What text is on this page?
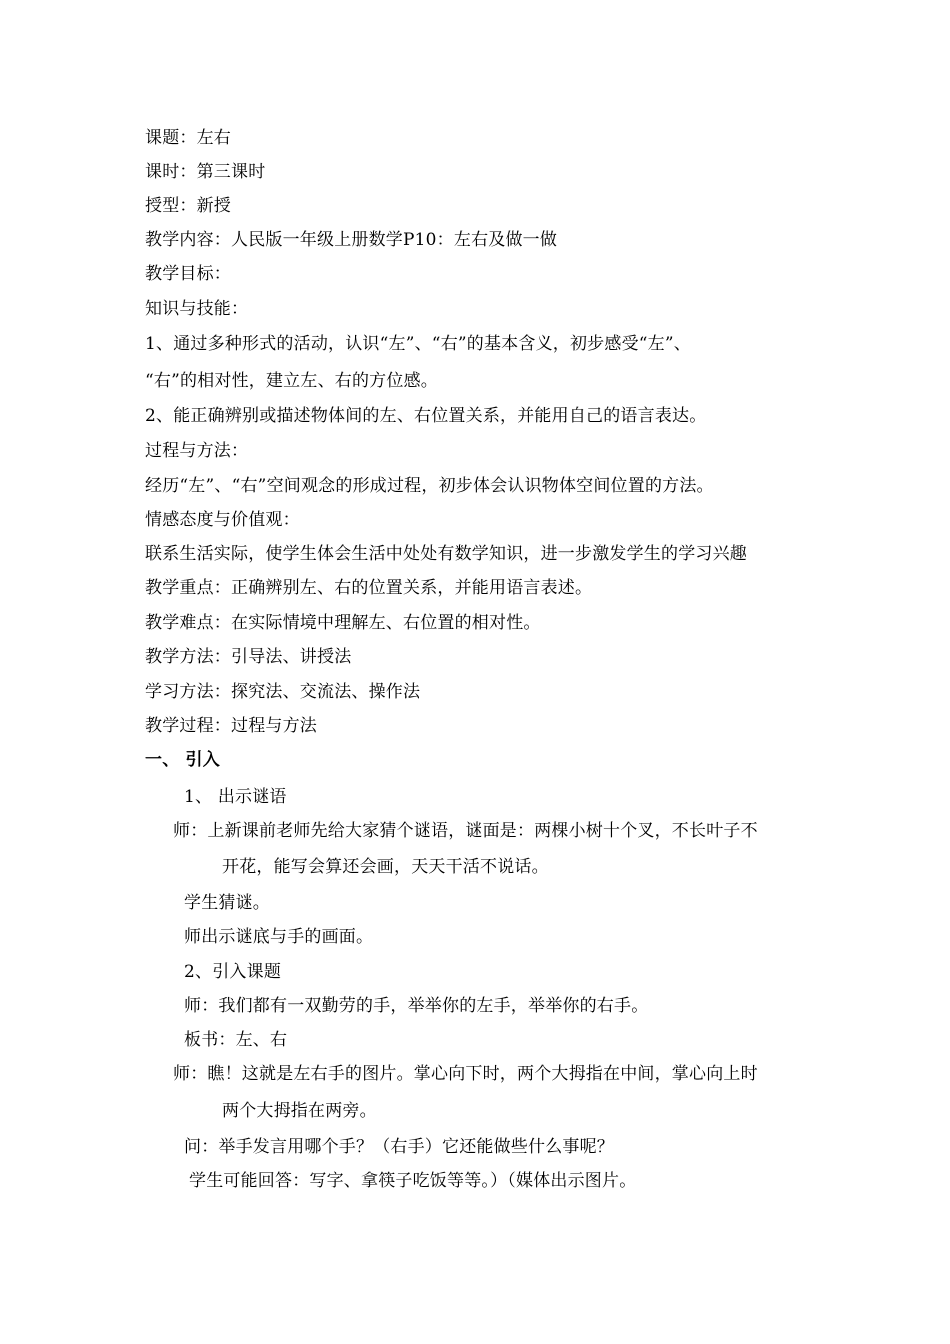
课题：左右
课时：第三课时
授型：新授
教学内容：人民版一年级上册数学P10：左右及做一做
教学目标：
知识与技能：
1、通过多种形式的活动，认识“左”、“右”的基本含义，初步感受“左”、
“右”的相对性，建立左、右的方位感。
2、能正确辨别或描述物体间的左、右位置关系，并能用自己的语言表达。
过程与方法：
经历“左”、“右”空间观念的形成过程，初步体会认识物体空间位置的方法。
情感态度与价值观：
联系生活实际，使学生体会生活中处处有数学知识，进一步激发学生的学习兴趣
教学重点：正确辨别左、右的位置关系，并能用语言表述。
教学难点：在实际情境中理解左、右位置的相对性。
教学方法：引导法、讲授法
学习方法：探究法、交流法、操作法
教学过程：过程与方法
一、 引入
1、 出示谜语
师：上新课前老师先给大家猜个谜语，谜面是：两棵小树十个叉，不长叶子不
开花，能写会算还会画，天天干活不说话。
学生猜谜。
师出示谜底与手的画面。
2、引入课题
师：我们都有一双勤劳的手，举举你的左手，举举你的右手。
板书：左、右
师：瞧！这就是左右手的图片。掌心向下时，两个大拇指在中间，掌心向上时
两个大拇指在两旁。
问：举手发言用哪个手？（右手）它还能做些什么事呢？
学生可能回答：写字、拿筷子吃饭等等。）（媒体出示图片。
